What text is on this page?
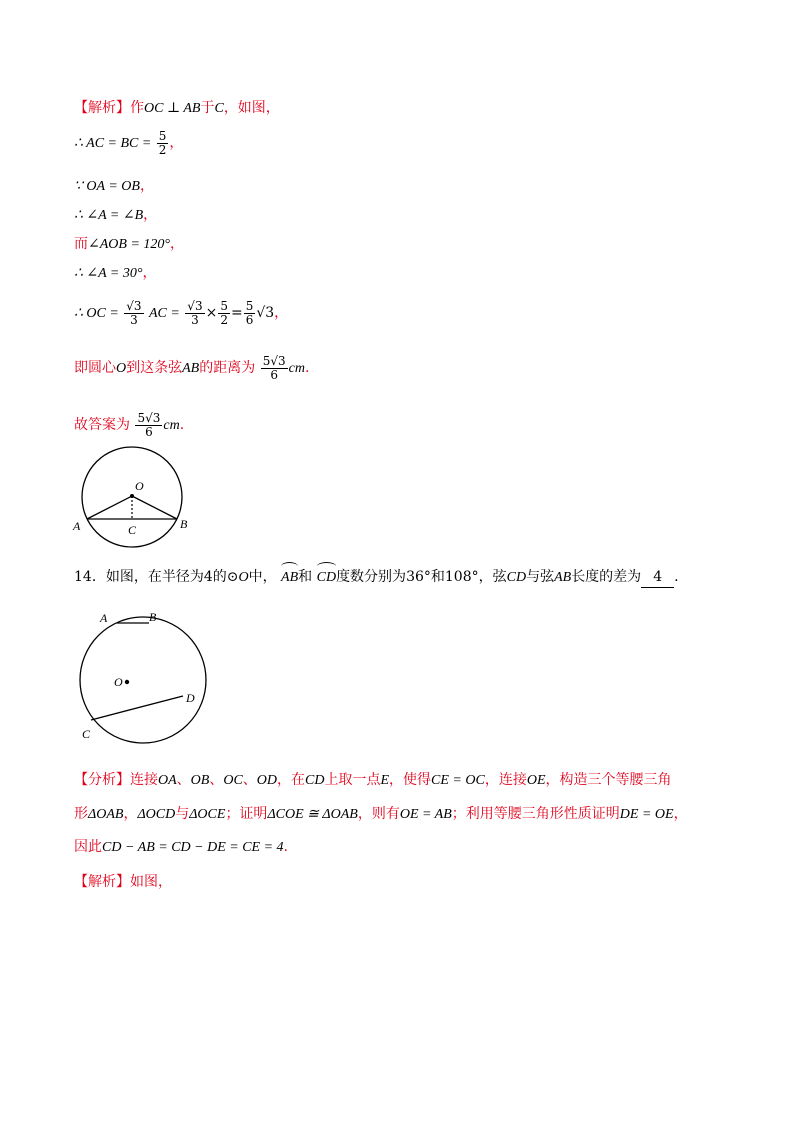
【解析】作OC ⊥ AB于C，如图，
∴ AC = BC = $\frac{5}{2}$ ，
∵ OA = OB，
∴ ∠A = ∠B，
而∠AOB = 120°，
∴ ∠A = 30°，
∴ OC = $\frac{√3}{3}$ AC = $\frac{√3}{3} \times \frac{5}{2} = \frac{5}{6} √3$，
即圆心O到这条弦AB的距离为 $\frac{5√3}{6}$ cm.
故答案为 $\frac{5√3}{6}$ cm.
O
A	B
C
14．如图，在半径为4的⊙O中， AB和 CD度数分别为36°和108°，弦CD与弦AB长度的差为 4 .
A	B
O
C
D
【分析】连接OA、OB、OC、OD，在CD上取一点E，使得CE = OC，连接OE，构造三个等腰三角
形ΔOAB，ΔOCD与ΔOCE；证明ΔCOE ≅ ΔOAB，则有OE = AB；利用等腰三角形性质证明DE = OE，
因此CD − AB = CD − DE = CE = 4.
【解析】如图，
